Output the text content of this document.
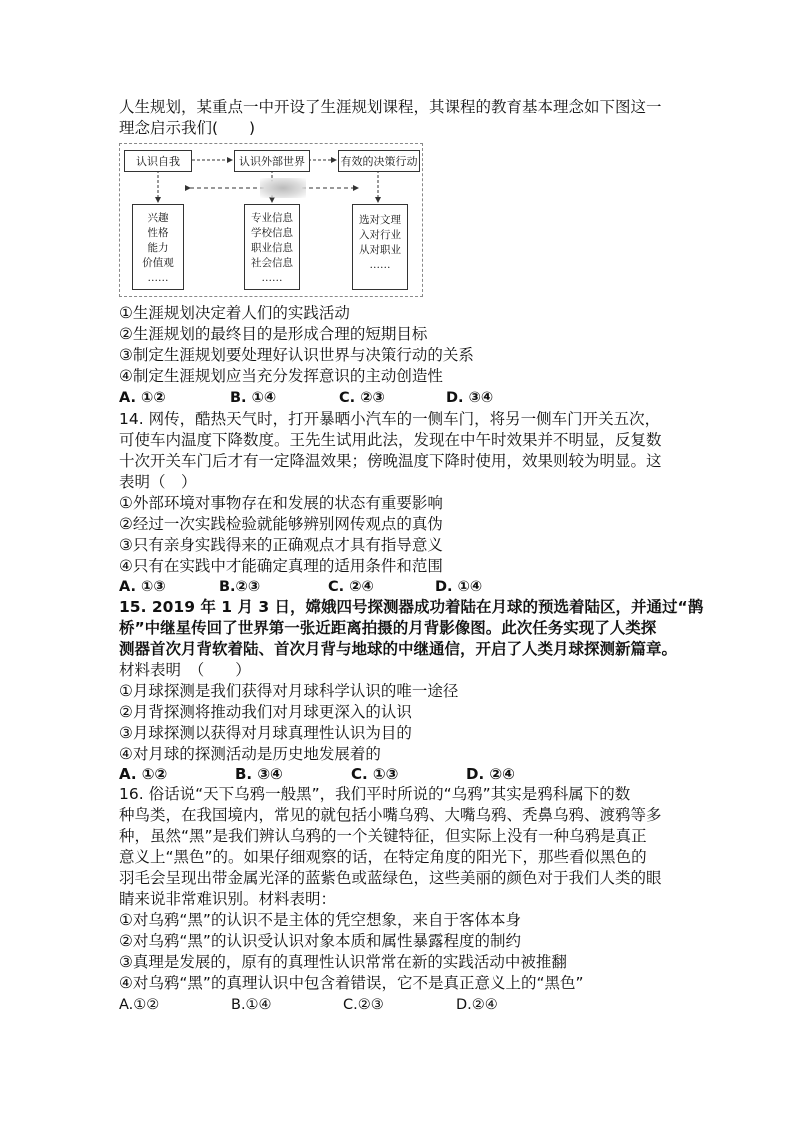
人生规划，某重点一中开设了生涯规划课程，其课程的教育基本理念如下图这一
理念启示我们(　　)
认识自我	认识外部世界	有效的决策行动
兴趣
性格
能力
价值观
……
专业信息
学校信息
职业信息
社会信息
……
选对文理
入对行业
从对职业
……
①生涯规划决定着人们的实践活动
②生涯规划的最终目的是形成合理的短期目标
③制定生涯规划要处理好认识世界与决策行动的关系
④制定生涯规划应当充分发挥意识的主动创造性
A. ①②	B. ①④	C. ②③	D. ③④
14. 网传，酷热天气时，打开暴晒小汽车的一侧车门，将另一侧车门开关五次，
可使车内温度下降数度。王先生试用此法，发现在中午时效果并不明显，反复数
十次开关车门后才有一定降温效果；傍晚温度下降时使用，效果则较为明显。这
表明（　）
①外部环境对事物存在和发展的状态有重要影响
②经过一次实践检验就能够辨别网传观点的真伪
③只有亲身实践得来的正确观点才具有指导意义
④只有在实践中才能确定真理的适用条件和范围
A. ①③	B.②③	C. ②④	D. ①④
15. 2019 年 1 月 3 日，嫦娥四号探测器成功着陆在月球的预选着陆区，并通过“鹊
桥”中继星传回了世界第一张近距离拍摄的月背影像图。此次任务实现了人类探
测器首次月背软着陆、首次月背与地球的中继通信，开启了人类月球探测新篇章。
材料表明　（　　）
①月球探测是我们获得对月球科学认识的唯一途径
②月背探测将推动我们对月球更深入的认识
③月球探测以获得对月球真理性认识为目的
④对月球的探测活动是历史地发展着的
A. ①②	B. ③④	C. ①③	D. ②④
16. 俗话说“天下乌鸦一般黑”，我们平时所说的“乌鸦”其实是鸦科属下的数
种鸟类，在我国境内，常见的就包括小嘴乌鸦、大嘴乌鸦、秃鼻乌鸦、渡鸦等多
种，虽然“黑”是我们辨认乌鸦的一个关键特征，但实际上没有一种乌鸦是真正
意义上“黑色”的。如果仔细观察的话，在特定角度的阳光下，那些看似黑色的
羽毛会呈现出带金属光泽的蓝紫色或蓝绿色，这些美丽的颜色对于我们人类的眼
睛来说非常难识别。材料表明：
①对乌鸦“黑”的认识不是主体的凭空想象，来自于客体本身
②对乌鸦“黑”的认识受认识对象本质和属性暴露程度的制约
③真理是发展的，原有的真理性认识常常在新的实践活动中被推翻
④对乌鸦“黑”的真理认识中包含着错误，它不是真正意义上的“黑色”
A.①②	B.①④	C.②③	D.②④
